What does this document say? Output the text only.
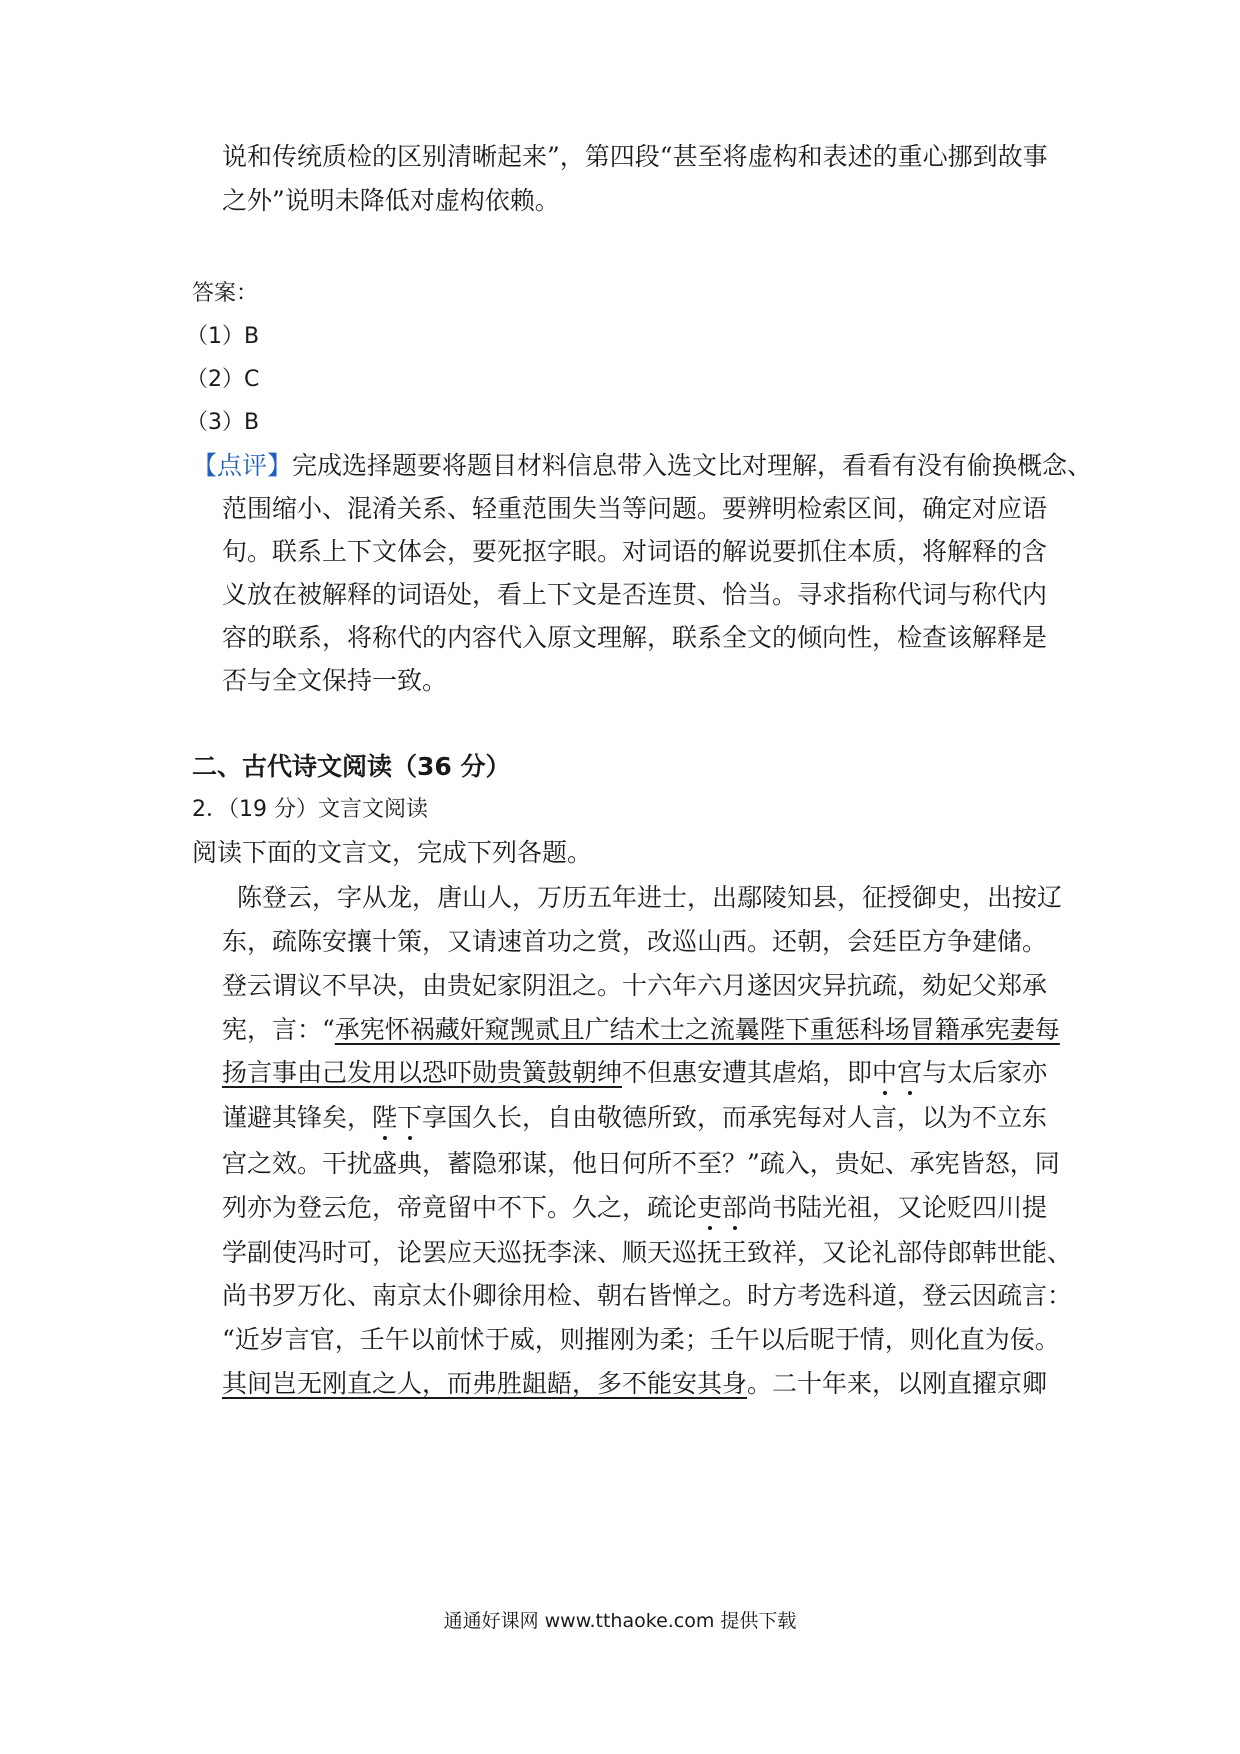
说和传统质检的区别清晰起来”，第四段“甚至将虚构和表述的重心挪到故事
之外”说明未降低对虚构依赖。
答案：
（1）B
（2）C
（3）B
【点评】完成选择题要将题目材料信息带入选文比对理解，看看有没有偷换概念、
范围缩小、混淆关系、轻重范围失当等问题。要辨明检索区间，确定对应语
句。联系上下文体会，要死抠字眼。对词语的解说要抓住本质，将解释的含
义放在被解释的词语处，看上下文是否连贯、恰当。寻求指称代词与称代内
容的联系，将称代的内容代入原文理解，联系全文的倾向性，检查该解释是
否与全文保持一致。
二、古代诗文阅读（36 分）
2．（19 分）文言文阅读
阅读下面的文言文，完成下列各题。
陈登云，字从龙，唐山人，万历五年进士，出鄢陵知县，征授御史，出按辽
东，疏陈安攘十策，又请速首功之赏，改巡山西。还朝，会廷臣方争建储。
登云谓议不早决，由贵妃家阴沮之。十六年六月遂因灾异抗疏，劾妃父郑承
宪，言：“承宪怀祸藏奸窥觊贰且广结术士之流曩陛下重惩科场冒籍承宪妻每
扬言事由己发用以恐吓勋贵簧鼓朝绅不但惠安遭其虐焰，即中宫与太后家亦
谨避其锋矣，陛下享国久长，自由敬德所致，而承宪每对人言，以为不立东
宫之效。干扰盛典，蓄隐邪谋，他日何所不至？”疏入，贵妃、承宪皆怒，同
列亦为登云危，帝竟留中不下。久之，疏论吏部尚书陆光祖，又论贬四川提
学副使冯时可，论罢应天巡抚李涞、顺天巡抚王致祥，又论礼部侍郎韩世能、
尚书罗万化、南京太仆卿徐用检、朝右皆惮之。时方考选科道，登云因疏言：
“近岁言官，壬午以前怵于威，则摧刚为柔；壬午以后昵于情，则化直为佞。
其间岂无刚直之人，而弗胜龃龉，多不能安其身。二十年来，以刚直擢京卿
通通好课网 www.tthaoke.com 提供下载
